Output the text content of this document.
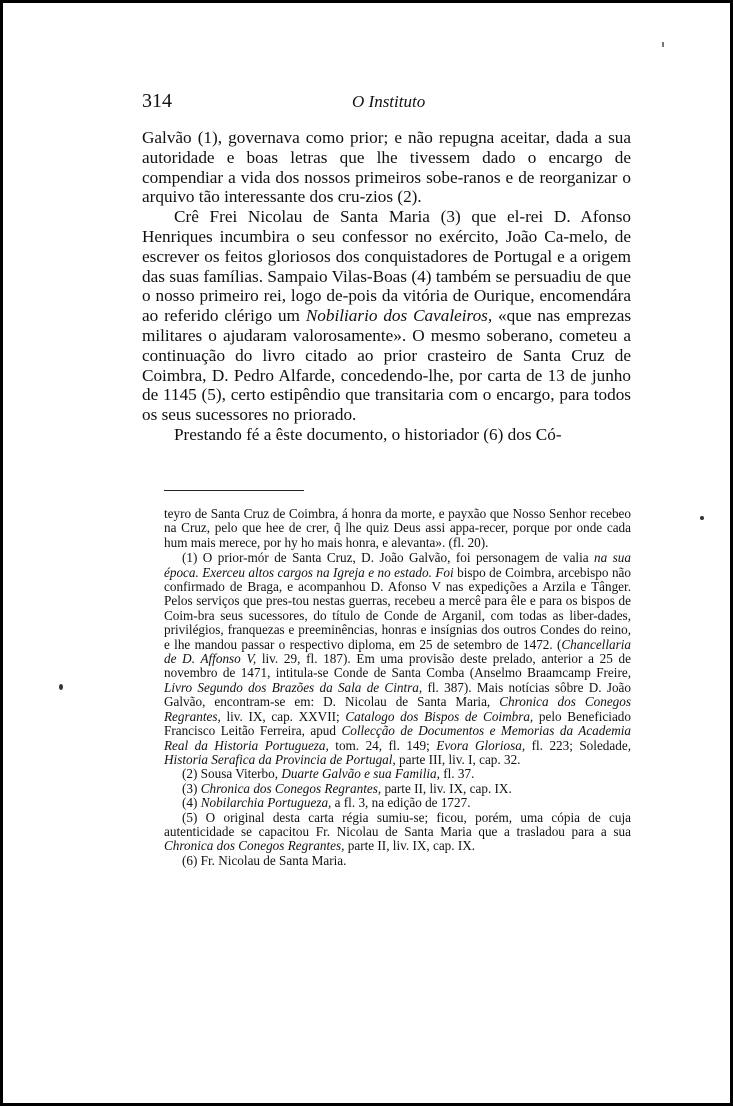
314	O Instituto

Galvão (1), governava como prior; e não repugna aceitar, dada a sua autoridade e boas letras que lhe tivessem dado o encargo de compendiar a vida dos nossos primeiros sobe-ranos e de reorganizar o arquivo tão interessante dos cru-zios (2).

Crê Frei Nicolau de Santa Maria (3) que el-rei D. Afonso Henriques incumbira o seu confessor no exército, João Ca-melo, de escrever os feitos gloriosos dos conquistadores de Portugal e a origem das suas famílias. Sampaio Vilas-Boas (4) também se persuadiu de que o nosso primeiro rei, logo de-pois da vitória de Ourique, encomendára ao referido clérigo um Nobiliario dos Cavaleiros, «que nas emprezas militares o ajudaram valorosamente». O mesmo soberano, cometeu a continuação do livro citado ao prior crasteiro de Santa Cruz de Coimbra, D. Pedro Alfarde, concedendo-lhe, por carta de 13 de junho de 1145 (5), certo estipêndio que transitaria com o encargo, para todos os seus sucessores no priorado.

Prestando fé a êste documento, o historiador (6) dos Có-

teyro de Santa Cruz de Coimbra, á honra da morte, e payxão que Nosso Senhor recebeo na Cruz, pelo que hee de crer, q̃ lhe quiz Deus assi appa-recer, porque por onde cada hum mais merece, por hy ho mais honra, e alevanta». (fl. 20).

(1) O prior-mór de Santa Cruz, D. João Galvão, foi personagem de valia na sua época. Exerceu altos cargos na Igreja e no estado. Foi bispo de Coimbra, arcebispo não confirmado de Braga, e acompanhou D. Afonso V nas expedições a Arzila e Tânger. Pelos serviços que pres-tou nestas guerras, recebeu a mercê para êle e para os bispos de Coim-bra seus sucessores, do título de Conde de Arganil, com todas as liber-dades, privilégios, franquezas e preeminências, honras e insígnias dos outros Condes do reino, e lhe mandou passar o respectivo diploma, em 25 de setembro de 1472. (Chancellaria de D. Affonso V, liv. 29, fl. 187). Em uma provisão deste prelado, anterior a 25 de novembro de 1471, intitula-se Conde de Santa Comba (Anselmo Braamcamp Freire, Livro Segundo dos Brazões da Sala de Cintra, fl. 387). Mais notícias sôbre D. João Galvão, encontram-se em: D. Nicolau de Santa Maria, Chronica dos Conegos Regrantes, liv. IX, cap. XXVII; Catalogo dos Bispos de Coimbra, pelo Beneficiado Francisco Leitão Ferreira, apud Collecção de Documentos e Memorias da Academia Real da Historia Portugueza, tom. 24, fl. 149; Evora Gloriosa, fl. 223; Soledade, Historia Serafica da Provincia de Portugal, parte III, liv. I, cap. 32.

(2) Sousa Viterbo, Duarte Galvão e sua Familia, fl. 37.

(3) Chronica dos Conegos Regrantes, parte II, liv. IX, cap. IX.

(4) Nobilarchia Portugueza, a fl. 3, na edição de 1727.

(5) O original desta carta régia sumiu-se; ficou, porém, uma cópia de cuja autenticidade se capacitou Fr. Nicolau de Santa Maria que a trasladou para a sua Chronica dos Conegos Regrantes, parte II, liv. IX, cap. IX.

(6) Fr. Nicolau de Santa Maria.
